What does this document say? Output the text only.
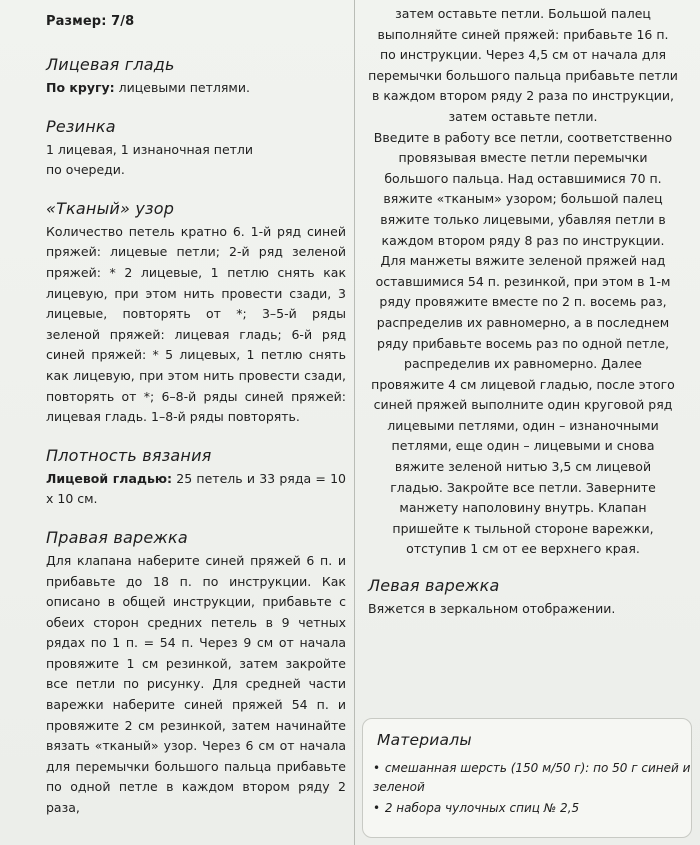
Размер: 7/8
Лицевая гладь

По кругу: лицевыми петлями.

Резинка

1 лицевая, 1 изнаночная петли по очереди.

«Тканый» узор

Количество петель кратно 6. 1-й ряд синей пряжей: лицевые петли; 2-й ряд зеленой пряжей: * 2 лицевые, 1 петлю снять как лицевую, при этом нить провести сзади, 3 лицевые, повторять от *; 3–5-й ряды зеленой пряжей: лицевая гладь; 6-й ряд синей пряжей: * 5 лицевых, 1 петлю снять как лицевую, при этом нить провести сзади, повторять от *; 6–8-й ряды синей пряжей: лицевая гладь. 1–8-й ряды повторять.

Плотность вязания

Лицевой гладью: 25 петель и 33 ряда = 10 х 10 см.

Правая варежка

Для клапана наберите синей пряжей 6 п. и прибавьте до 18 п. по инструкции. Как описано в общей инструкции, прибавьте с обеих сторон средних петель в 9 четных рядах по 1 п. = 54 п. Через 9 см от начала провяжите 1 см резинкой, затем закройте все петли по рисунку. Для средней части варежки наберите синей пряжей 54 п. и провяжите 2 см резинкой, затем начинайте вязать «тканый» узор. Через 6 см от начала для перемычки большого пальца прибавьте по одной петле в каждом втором ряду 2 раза,

затем оставьте петли. Большой палец выполняйте синей пряжей: прибавьте 16 п. по инструкции. Через 4,5 см от начала для перемычки большого пальца прибавьте петли в каждом втором ряду 2 раза по инструкции, затем оставьте петли.

Введите в работу все петли, соответственно провязывая вместе петли перемычки большого пальца. Над оставшимися 70 п. вяжите «тканым» узором; большой палец вяжите только лицевыми, убавляя петли в каждом втором ряду 8 раз по инструкции. Для манжеты вяжите зеленой пряжей над оставшимися 54 п. резинкой, при этом в 1-м ряду провяжите вместе по 2 п. восемь раз, распределив их равномерно, а в последнем ряду прибавьте восемь раз по одной петле, распределив их равномерно. Далее провяжите 4 см лицевой гладью, после этого синей пряжей выполните один круговой ряд лицевыми петлями, один – изнаночными петлями, еще один – лицевыми и снова вяжите зеленой нитью 3,5 см лицевой гладью. Закройте все петли. Заверните манжету наполовину внутрь. Клапан пришейте к тыльной стороне варежки, отступив 1 см от ее верхнего края.

Левая варежка

Вяжется в зеркальном отображении.

Материалы
• смешанная шерсть (150 м/50 г): по 50 г синей и зеленой
• 2 набора чулочных спиц № 2,5
